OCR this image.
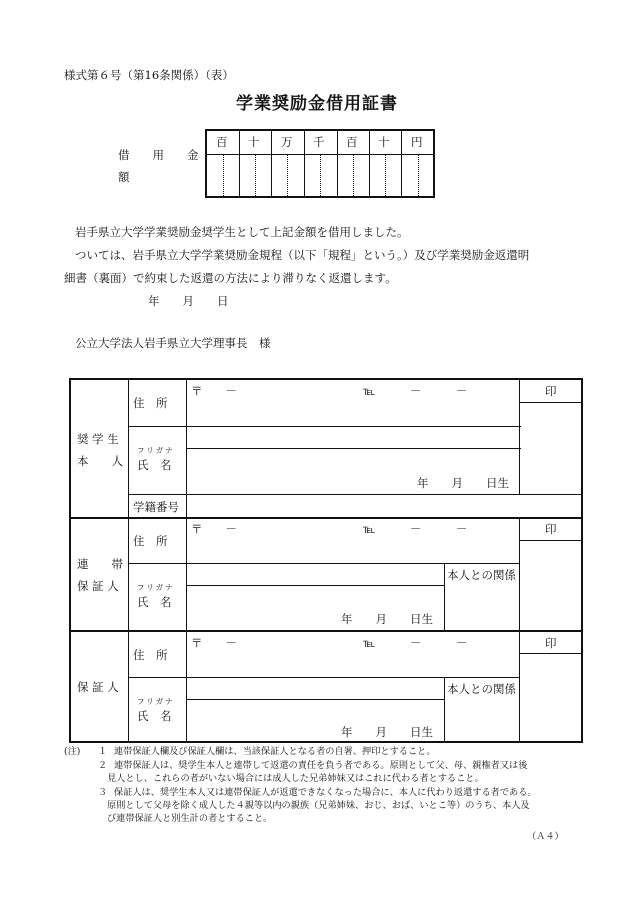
様式第６号（第16条関係）（表）
学業奨励金借用証書
借　　用　　金
額
百 十 万 千 百 十 円
岩手県立大学学業奨励金奨学生として上記金額を借用しました。
ついては、岩手県立大学学業奨励金規程（以下「規程」という。）及び学業奨励金返還明
細書（裏面）で約束した返還の方法により滞りなく返還します。
年　　月　　日
公立大学法人岩手県立大学理事長　様
奨 学 生
本　　人
住　所
〒　　－	℡　　　－　　　－	印
フリガナ
氏　名
年　　月　　日生
学籍番号
連　　帯
保 証 人
住　所
〒　　－	℡　　　－　　　－	印
本人との関係
フリガナ
氏　名
年　　月　　日生
保 証 人
住　所
〒　　－	℡　　　－　　　－	印
本人との関係
フリガナ
氏　名
年　　月　　日生
(注) １ 連帯保証人欄及び保証人欄は、当該保証人となる者の自署、押印とすること。
２ 連帯保証人は、奨学生本人と連帯して返還の責任を負う者である。原則として父、母、親権者又は後
見人とし、これらの者がいない場合には成人した兄弟姉妹又はこれに代わる者とすること。
３ 保証人は、奨学生本人又は連帯保証人が返還できなくなった場合に、本人に代わり返還する者である。
原則として父母を除く成人した４親等以内の親族（兄弟姉妹、おじ、おば、いとこ等）のうち、本人及
び連帯保証人と別生計の者とすること。
（Ａ４）
